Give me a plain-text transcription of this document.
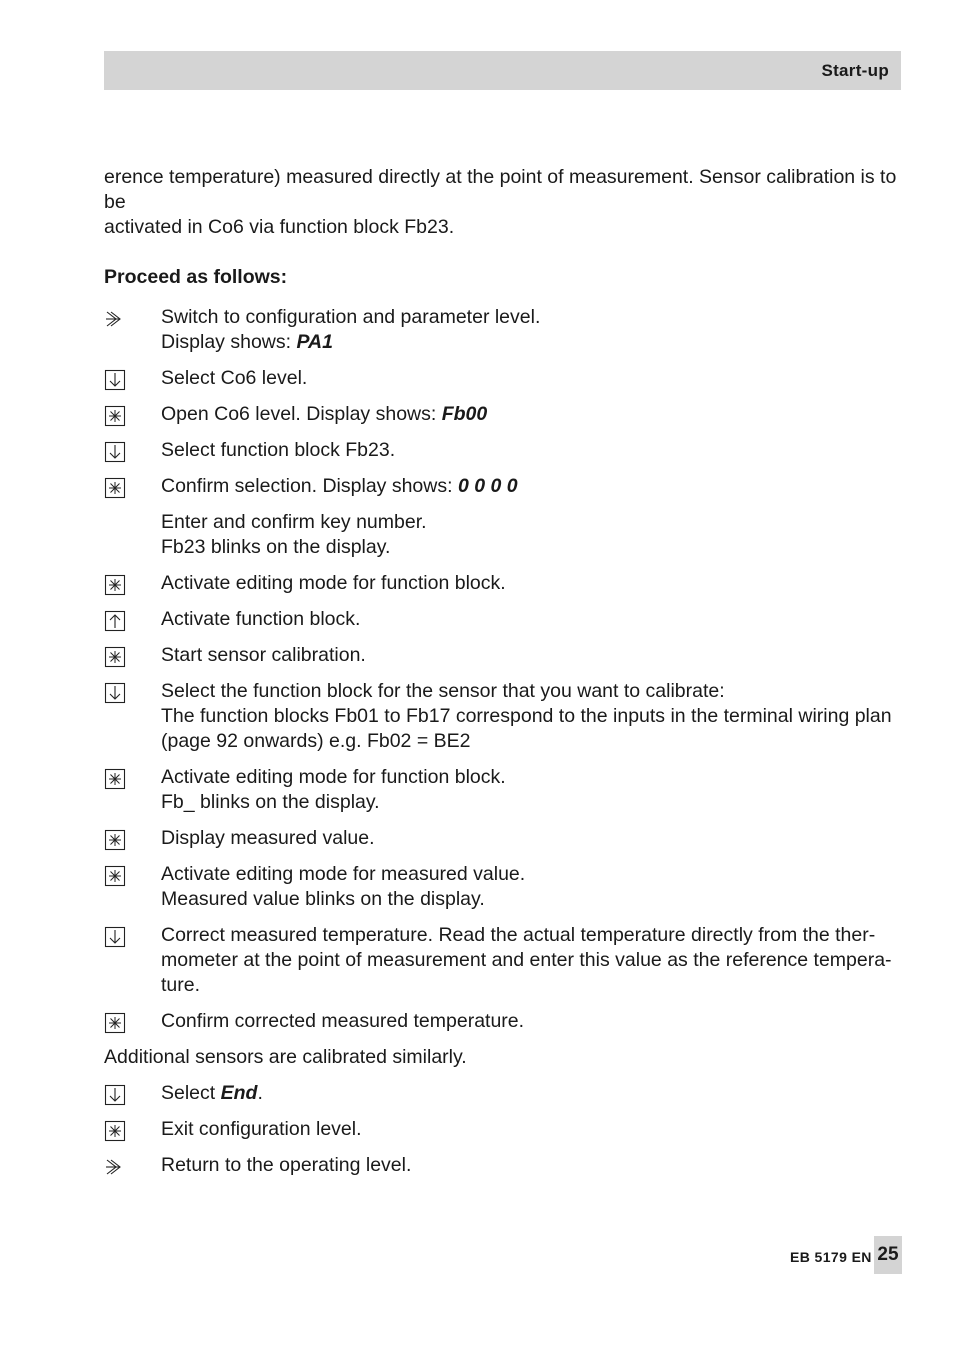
Start-up

erence temperature) measured directly at the point of measurement. Sensor calibration is to be
activated in Co6 via function block Fb23.

Proceed as follows:

Switch to configuration and parameter level.
Display shows: PA1
Select Co6 level.
Open Co6 level. Display shows: Fb00
Select function block Fb23.
Confirm selection. Display shows: 0 0 0 0
Enter and confirm key number.
Fb23 blinks on the display.
Activate editing mode for function block.
Activate function block.
Start sensor calibration.
Select the function block for the sensor that you want to calibrate:
The function blocks Fb01 to Fb17 correspond to the inputs in the terminal wiring plan
(page 92 onwards) e.g. Fb02 = BE2
Activate editing mode for function block.
Fb_ blinks on the display.
Display measured value.
Activate editing mode for measured value.
Measured value blinks on the display.
Correct measured temperature. Read the actual temperature directly from the ther-
mometer at the point of measurement and enter this value as the reference tempera-
ture.
Confirm corrected measured temperature.

Additional sensors are calibrated similarly.

Select End.
Exit configuration level.
Return to the operating level.
EB 5179 EN 25
